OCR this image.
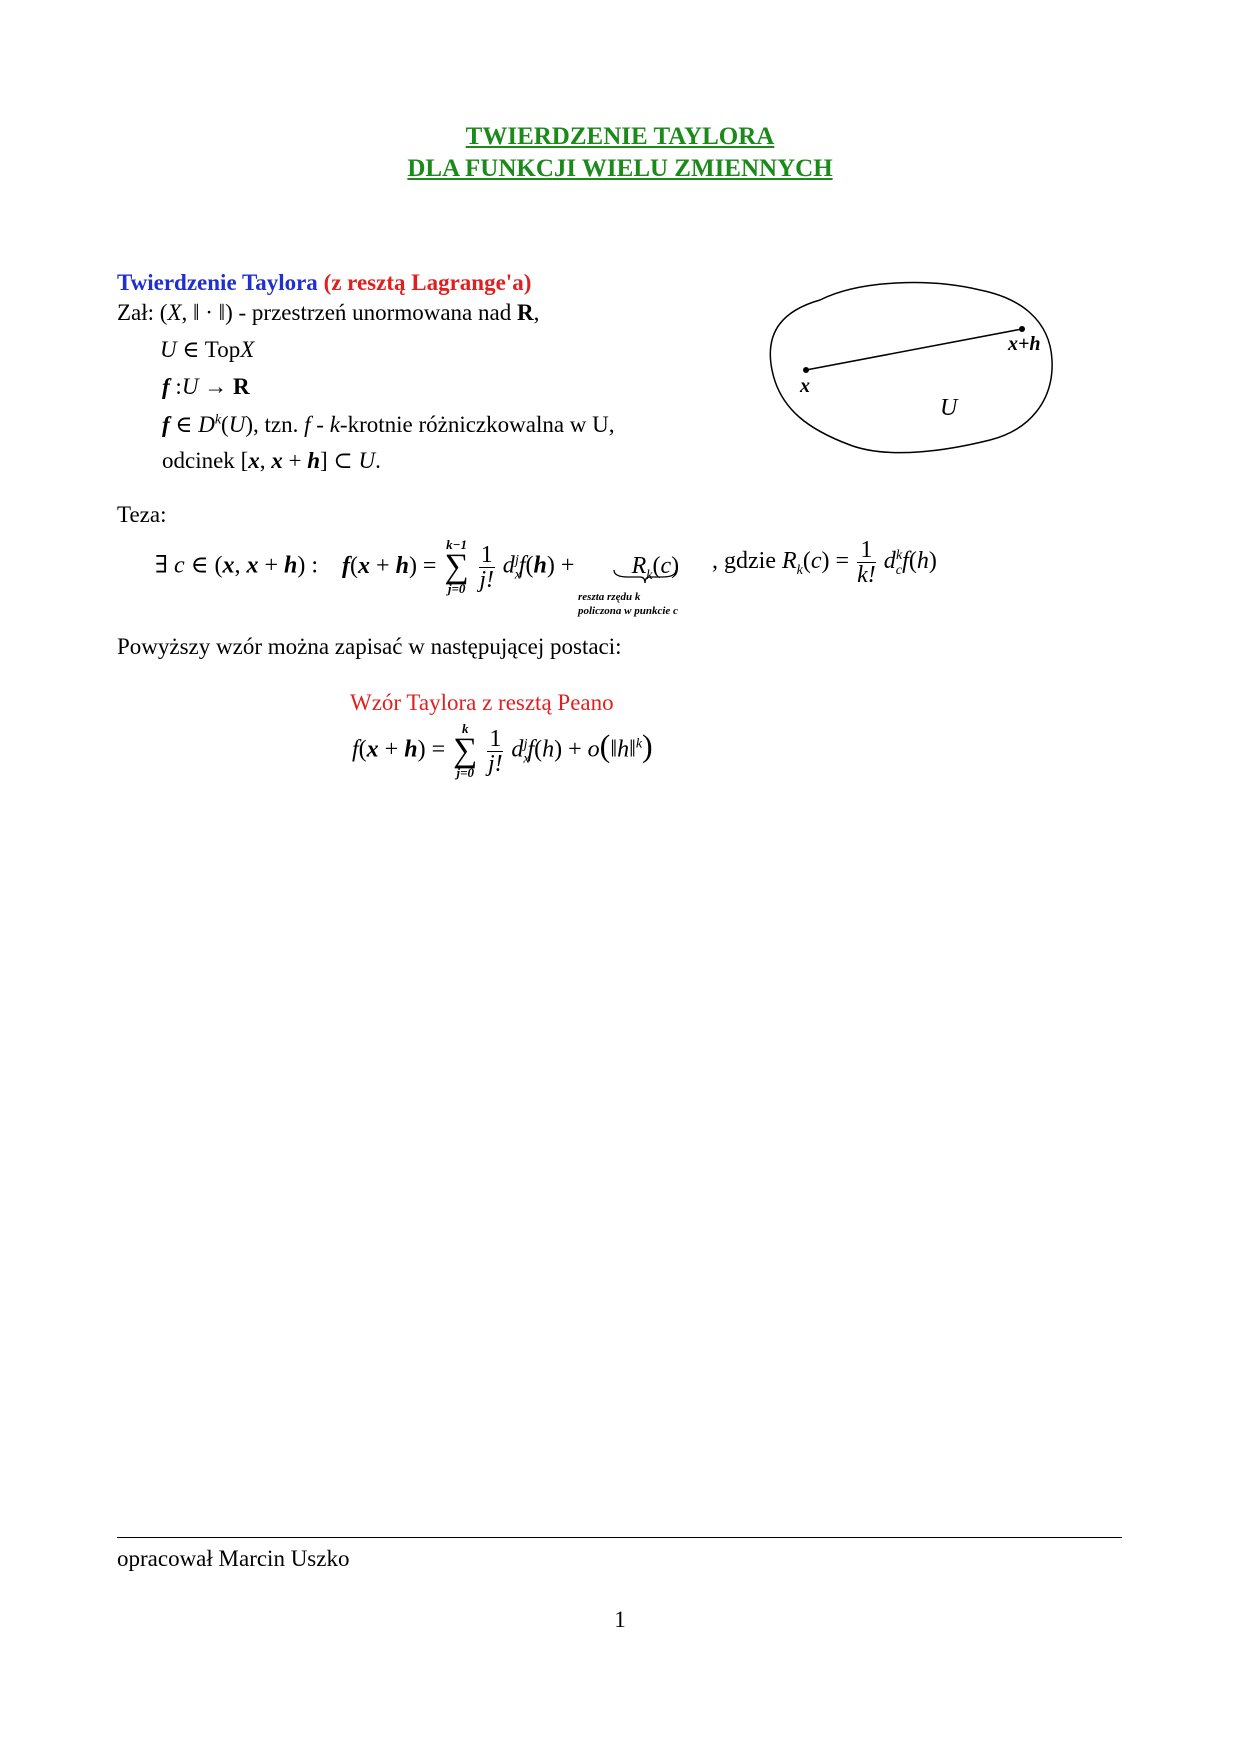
TWIERDZENIE TAYLORA
DLA FUNKCJI WIELU ZMIENNYCH
Twierdzenie Taylora (z resztą Lagrange'a)
Zał: (X, ‖ · ‖) - przestrzeń unormowana nad R,
U ∈ TopX
f :U → R
f ∈ $D^k(U)$, tzn. f - k-krotnie różniczkowalna w U,
odcinek [x, x + h] ⊂ U.
x
x+h
U
Teza:
∃ c ∈ (x, x + h) : f(x + h) =
k−1
∑
j=0
$\frac{1}{j!} d_x^jf(h) + R_k(c)$
reszta rzędu k
policzona w punkcie c
, gdzie $R_k(c) = \frac{1}{k!} d_c^kf(h)$
Powyższy wzór można zapisać w następującej postaci:
Wzór Taylora z resztą Peano
f(x + h) =
k
∑
j=0
$\frac{1}{j!} d_x^jf(h)$ + o(‖h‖$^k$)
opracował Marcin Uszko
1
